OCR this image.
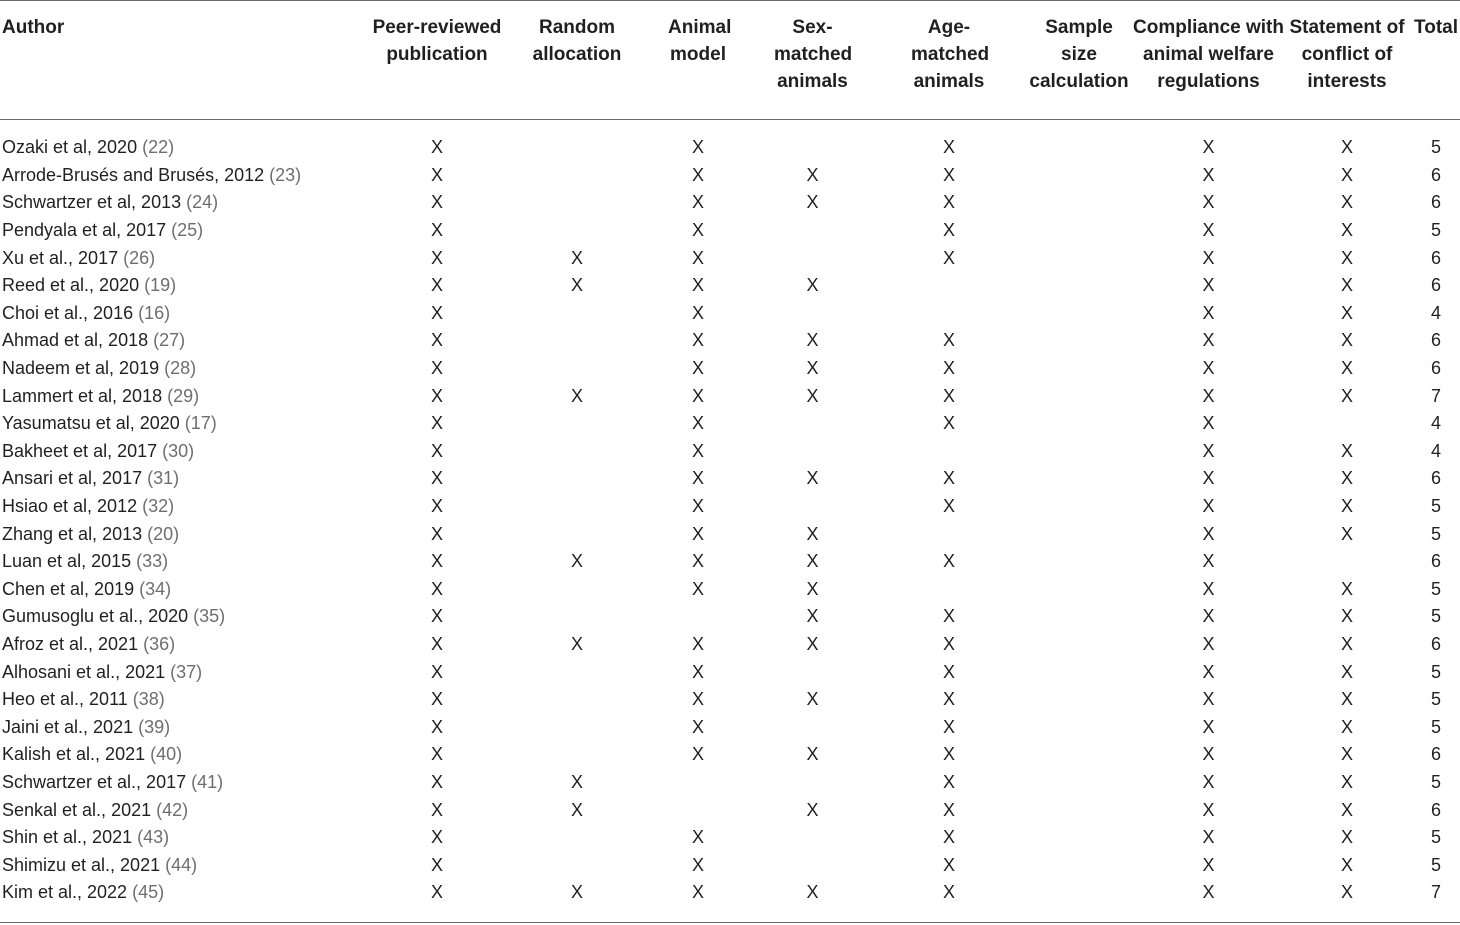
Author	Peer-reviewed publication	Random allocation	Animal model	Sex-matched animals	Age-matched animals	Sample size calculation	Compliance with animal welfare regulations	Statement of conflict of interests	Total
Ozaki et al, 2020 (22)	X		X		X		X	X	5
Arrode-Brusés and Brusés, 2012 (23)	X		X	X	X		X	X	6
Schwartzer et al, 2013 (24)	X		X	X	X		X	X	6
Pendyala et al, 2017 (25)	X		X		X		X	X	5
Xu et al., 2017 (26)	X	X	X		X		X	X	6
Reed et al., 2020 (19)	X	X	X	X			X	X	6
Choi et al., 2016 (16)	X		X				X	X	4
Ahmad et al, 2018 (27)	X		X	X	X		X	X	6
Nadeem et al, 2019 (28)	X		X	X	X		X	X	6
Lammert et al, 2018 (29)	X	X	X	X	X		X	X	7
Yasumatsu et al, 2020 (17)	X		X		X		X		4
Bakheet et al, 2017 (30)	X		X				X	X	4
Ansari et al, 2017 (31)	X		X	X	X		X	X	6
Hsiao et al, 2012 (32)	X		X		X		X	X	5
Zhang et al, 2013 (20)	X		X	X			X	X	5
Luan et al, 2015 (33)	X	X	X	X	X		X		6
Chen et al, 2019 (34)	X		X	X			X	X	5
Gumusoglu et al., 2020 (35)	X			X	X		X	X	5
Afroz et al., 2021 (36)	X	X	X	X	X		X	X	6
Alhosani et al., 2021 (37)	X		X		X		X	X	5
Heo et al., 2011 (38)	X		X	X	X		X	X	5
Jaini et al., 2021 (39)	X		X		X		X	X	5
Kalish et al., 2021 (40)	X		X	X	X		X	X	6
Schwartzer et al., 2017 (41)	X	X			X		X	X	5
Senkal et al., 2021 (42)	X	X		X	X		X	X	6
Shin et al., 2021 (43)	X		X		X		X	X	5
Shimizu et al., 2021 (44)	X		X		X		X	X	5
Kim et al., 2022 (45)	X	X	X	X	X		X	X	7
